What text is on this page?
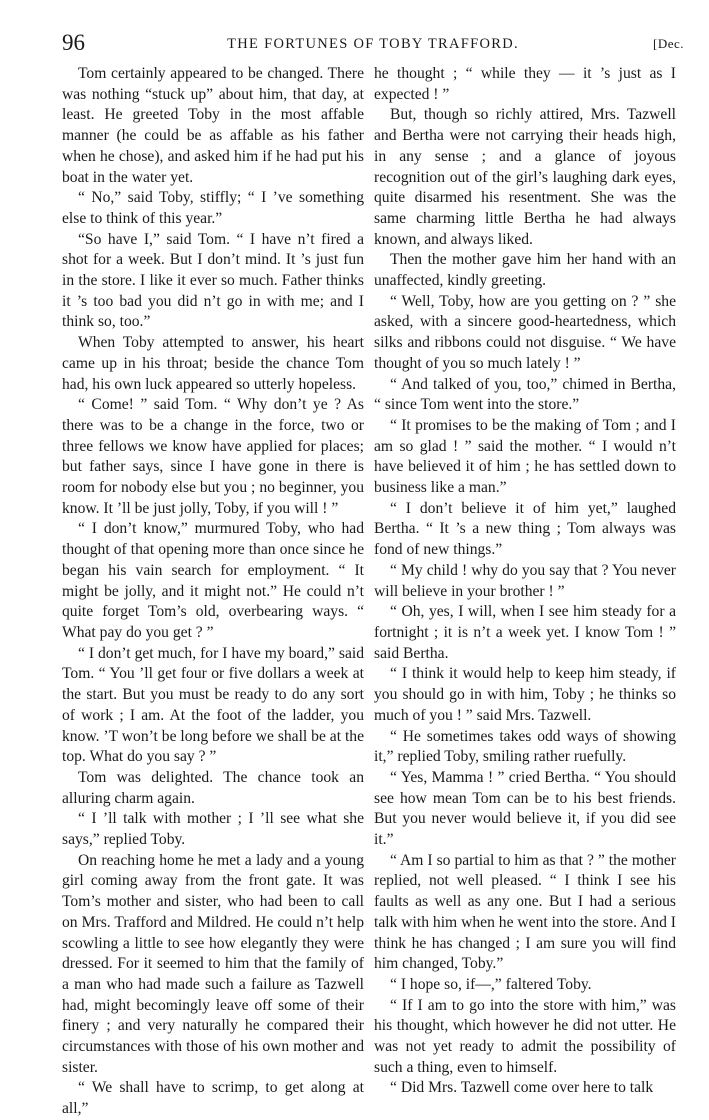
96	THE FORTUNES OF TOBY TRAFFORD.	[Dec.

Tom certainly appeared to be changed. There was nothing “stuck up” about him, that day, at least. He greeted Toby in the most affable manner (he could be as affable as his father when he chose), and asked him if he had put his boat in the water yet.

“ No,” said Toby, stiffly; “ I ’ve something else to think of this year.”

“So have I,” said Tom. “ I have n’t fired a shot for a week. But I don’t mind. It ’s just fun in the store. I like it ever so much. Father thinks it ’s too bad you did n’t go in with me; and I think so, too.”

When Toby attempted to answer, his heart came up in his throat; beside the chance Tom had, his own luck appeared so utterly hopeless.

“ Come! ” said Tom. “ Why don’t ye ? As there was to be a change in the force, two or three fellows we know have applied for places; but father says, since I have gone in there is room for nobody else but you ; no beginner, you know. It ’ll be just jolly, Toby, if you will ! ”

“ I don’t know,” murmured Toby, who had thought of that opening more than once since he began his vain search for employment. “ It might be jolly, and it might not.” He could n’t quite forget Tom’s old, overbearing ways. “ What pay do you get ? ”

“ I don’t get much, for I have my board,” said Tom. “ You ’ll get four or five dollars a week at the start. But you must be ready to do any sort of work ; I am. At the foot of the ladder, you know. ’T won’t be long before we shall be at the top. What do you say ? ”

Tom was delighted. The chance took an alluring charm again.

“ I ’ll talk with mother ; I ’ll see what she says,” replied Toby.

On reaching home he met a lady and a young girl coming away from the front gate. It was Tom’s mother and sister, who had been to call on Mrs. Trafford and Mildred. He could n’t help scowling a little to see how elegantly they were dressed. For it seemed to him that the family of a man who had made such a failure as Tazwell had, might becomingly leave off some of their finery ; and very naturally he compared their circumstances with those of his own mother and sister.

“ We shall have to scrimp, to get along at all,”

he thought ; “ while they — it ’s just as I expected ! ”

But, though so richly attired, Mrs. Tazwell and Bertha were not carrying their heads high, in any sense ; and a glance of joyous recognition out of the girl’s laughing dark eyes, quite disarmed his resentment. She was the same charming little Bertha he had always known, and always liked.

Then the mother gave him her hand with an unaffected, kindly greeting.

“ Well, Toby, how are you getting on ? ” she asked, with a sincere good-heartedness, which silks and ribbons could not disguise. “ We have thought of you so much lately ! ”

“ And talked of you, too,” chimed in Bertha, “ since Tom went into the store.”

“ It promises to be the making of Tom ; and I am so glad ! ” said the mother. “ I would n’t have believed it of him ; he has settled down to business like a man.”

“ I don’t believe it of him yet,” laughed Bertha. “ It ’s a new thing ; Tom always was fond of new things.”

“ My child ! why do you say that ? You never will believe in your brother ! ”

“ Oh, yes, I will, when I see him steady for a fortnight ; it is n’t a week yet. I know Tom ! ” said Bertha.

“ I think it would help to keep him steady, if you should go in with him, Toby ; he thinks so much of you ! ” said Mrs. Tazwell.

“ He sometimes takes odd ways of showing it,” replied Toby, smiling rather ruefully.

“ Yes, Mamma ! ” cried Bertha. “ You should see how mean Tom can be to his best friends. But you never would believe it, if you did see it.”

“ Am I so partial to him as that ? ” the mother replied, not well pleased. “ I think I see his faults as well as any one. But I had a serious talk with him when he went into the store. And I think he has changed ; I am sure you will find him changed, Toby.”

“ I hope so, if—,” faltered Toby.

“ If I am to go into the store with him,” was his thought, which however he did not utter. He was not yet ready to admit the possibility of such a thing, even to himself.

“ Did Mrs. Tazwell come over here to talk
